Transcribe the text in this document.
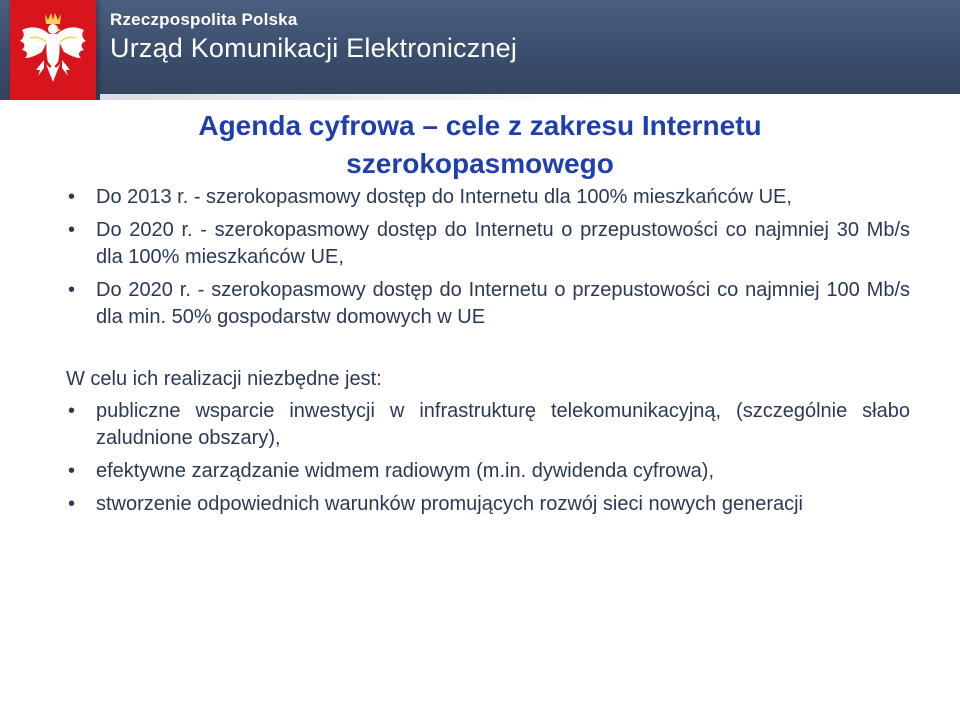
Rzeczpospolita Polska
Urząd Komunikacji Elektronicznej
Agenda cyfrowa – cele z zakresu Internetu
szerokopasmowego
• Do 2013 r. - szerokopasmowy dostęp do Internetu dla 100% mieszkańców UE,
• Do 2020 r. - szerokopasmowy dostęp do Internetu o przepustowości co najmniej 30 Mb/s dla 100% mieszkańców UE,
• Do 2020 r. - szerokopasmowy dostęp do Internetu o przepustowości co najmniej 100 Mb/s dla min. 50% gospodarstw domowych w UE
W celu ich realizacji niezbędne jest:
• publiczne wsparcie inwestycji w infrastrukturę telekomunikacyjną, (szczególnie słabo zaludnione obszary),
• efektywne zarządzanie widmem radiowym (m.in. dywidenda cyfrowa),
• stworzenie odpowiednich warunków promujących rozwój sieci nowych generacji
